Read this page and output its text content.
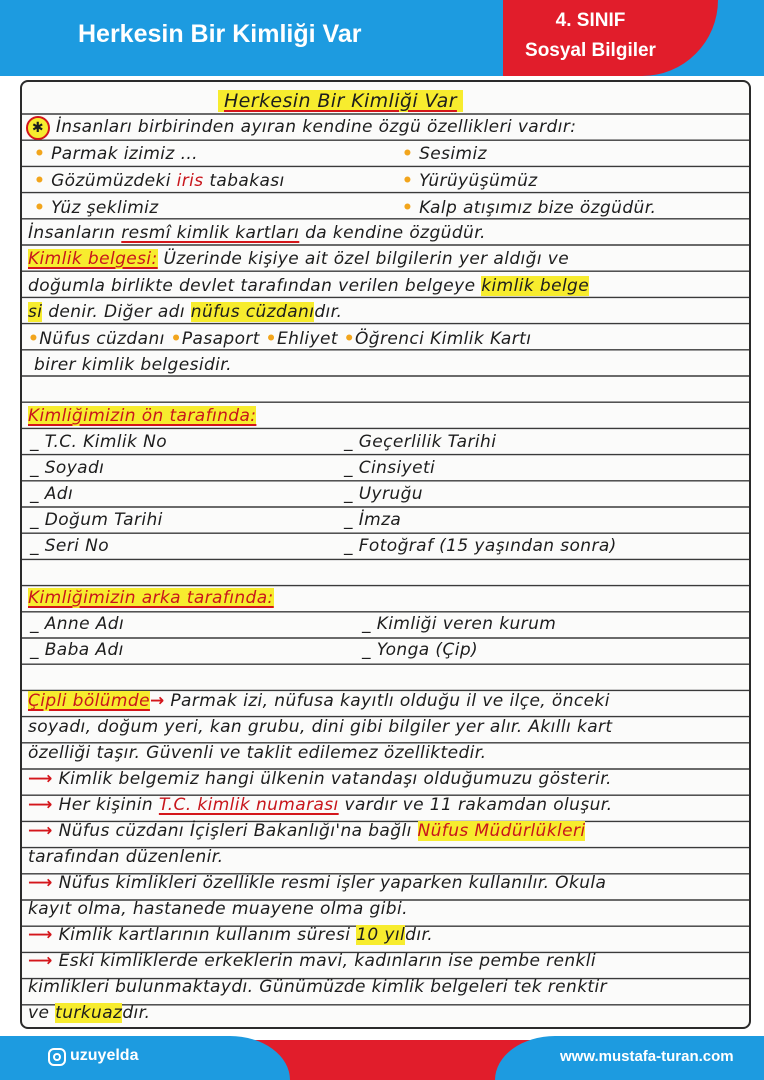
Herkesin Bir Kimliği Var	4. SINIF
Sosyal Bilgiler
Herkesin Bir Kimliği Var
✱ İnsanları birbirinden ayıran kendine özgü özellikleri vardır:
• Parmak izimiz ...
• Gözümüzdeki iris tabakası
• Yüz şeklimiz
• Sesimiz
• Yürüyüşümüz
• Kalp atışımız bize özgüdür.
İnsanların resmî kimlik kartları da kendine özgüdür.
Kimlik belgesi: Üzerinde kişiye ait özel bilgilerin yer aldığı ve
doğumla birlikte devlet tarafından verilen belgeye kimlik belge
si denir. Diğer adı nüfus cüzdanıdır.
•Nüfus cüzdanı •Pasaport •Ehliyet •Öğrenci Kimlik Kartı
birer kimlik belgesidir.
Kimliğimizin ön tarafında:
_ T.C. Kimlik No
_ Soyadı
_ Adı
_ Doğum Tarihi
_ Seri No
_ Geçerlilik Tarihi
_ Cinsiyeti
_ Uyruğu
_ İmza
_ Fotoğraf (15 yaşından sonra)
Kimliğimizin arka tarafında:
_ Anne Adı
_ Baba Adı
_ Kimliği veren kurum
_ Yonga (Çip)
Çipli bölümde→ Parmak izi, nüfusa kayıtlı olduğu il ve ilçe, önceki
soyadı, doğum yeri, kan grubu, dini gibi bilgiler yer alır. Akıllı kart
özelliği taşır. Güvenli ve taklit edilemez özelliktedir.
⟶ Kimlik belgemiz hangi ülkenin vatandaşı olduğumuzu gösterir.
⟶ Her kişinin T.C. kimlik numarası vardır ve 11 rakamdan oluşur.
⟶ Nüfus cüzdanı İçişleri Bakanlığı'na bağlı Nüfus Müdürlükleri
tarafından düzenlenir.
⟶ Nüfus kimlikleri özellikle resmi işler yaparken kullanılır. Okula
kayıt olma, hastanede muayene olma gibi.
⟶ Kimlik kartlarının kullanım süresi 10 yıldır.
⟶ Eski kimliklerde erkeklerin mavi, kadınların ise pembe renkli
kimlikleri bulunmaktaydı. Günümüzde kimlik belgeleri tek renktir
ve turkuazdır.
uzuyelda	www.mustafa-turan.com
